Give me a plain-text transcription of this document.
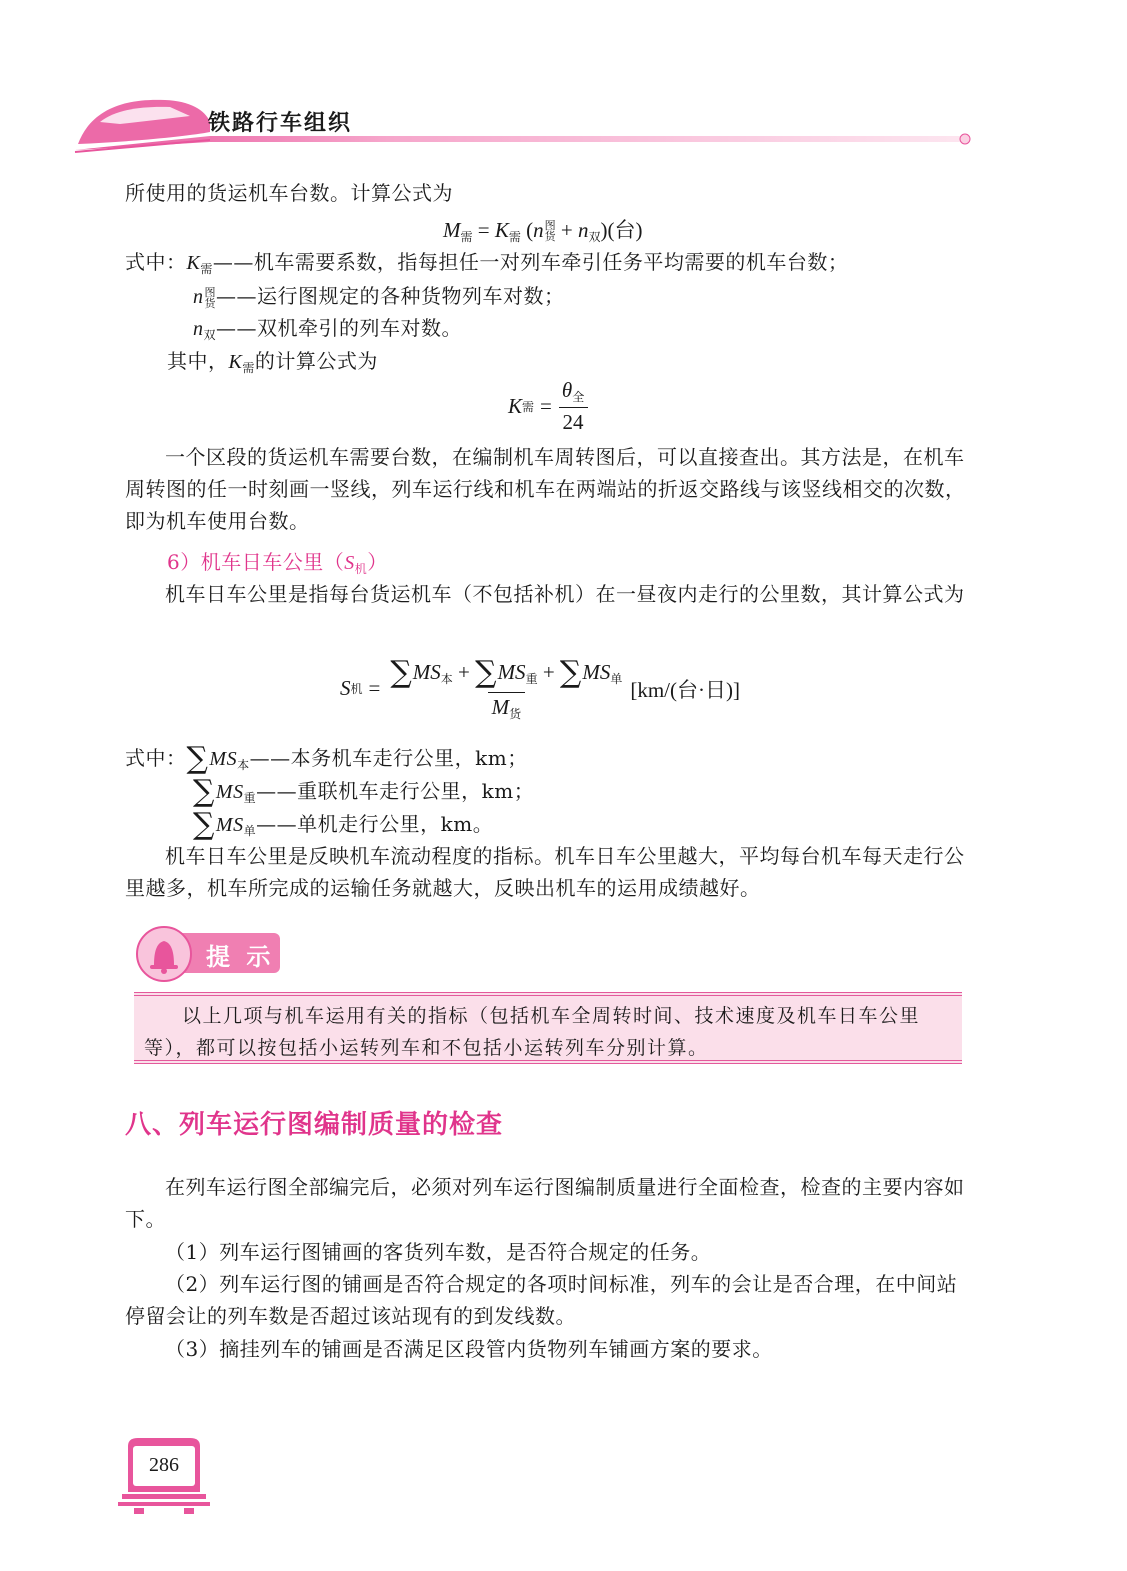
铁路行车组织
所使用的货运机车台数。计算公式为
$M_需 = K_需$ (n图
货 + $n_双$)(台)
式中：$K_需——$机车需要系数，指每担任一对列车牵引任务平均需要的机车台数；
n图
货——运行图规定的各种货物列车对数；
$n_双——$双机牵引的列车对数。
其中，$K_需$的计算公式为
K 需 = $\frac{\theta_全}{24}$
一个区段的货运机车需要台数，在编制机车周转图后，可以直接查出。其方法是，在机车周转图的任一时刻画一竖线，列车运行线和机车在两端站的折返交路线与该竖线相交的次数，即为机车使用台数。
6）机车日车公里$(S_机)$
机车日车公里是指每台货运机车（不包括补机）在一昼夜内走行的公里数，其计算公式为
S 机 = $\frac{\sum MS_本 + \sum MS_重 + \sum MS_单}{M_货} [km/$(台·日)]
式中：$\sum MS_本——$本务机车走行公里，km；
$\sum MS_重——$重联机车走行公里，km；
$\sum MS_单——$单机走行公里，km。
机车日车公里是反映机车流动程度的指标。机车日车公里越大，平均每台机车每天走行公里越多，机车所完成的运输任务就越大，反映出机车的运用成绩越好。
提 示
以上几项与机车运用有关的指标（包括机车全周转时间、技术速度及机车日车公里等），都可以按包括小运转列车和不包括小运转列车分别计算。
八、列车运行图编制质量的检查
在列车运行图全部编完后，必须对列车运行图编制质量进行全面检查，检查的主要内容如下。
（1）列车运行图铺画的客货列车数，是否符合规定的任务。
（2）列车运行图的铺画是否符合规定的各项时间标准，列车的会让是否合理，在中间站停留会让的列车数是否超过该站现有的到发线数。
（3）摘挂列车的铺画是否满足区段管内货物列车铺画方案的要求。
286
